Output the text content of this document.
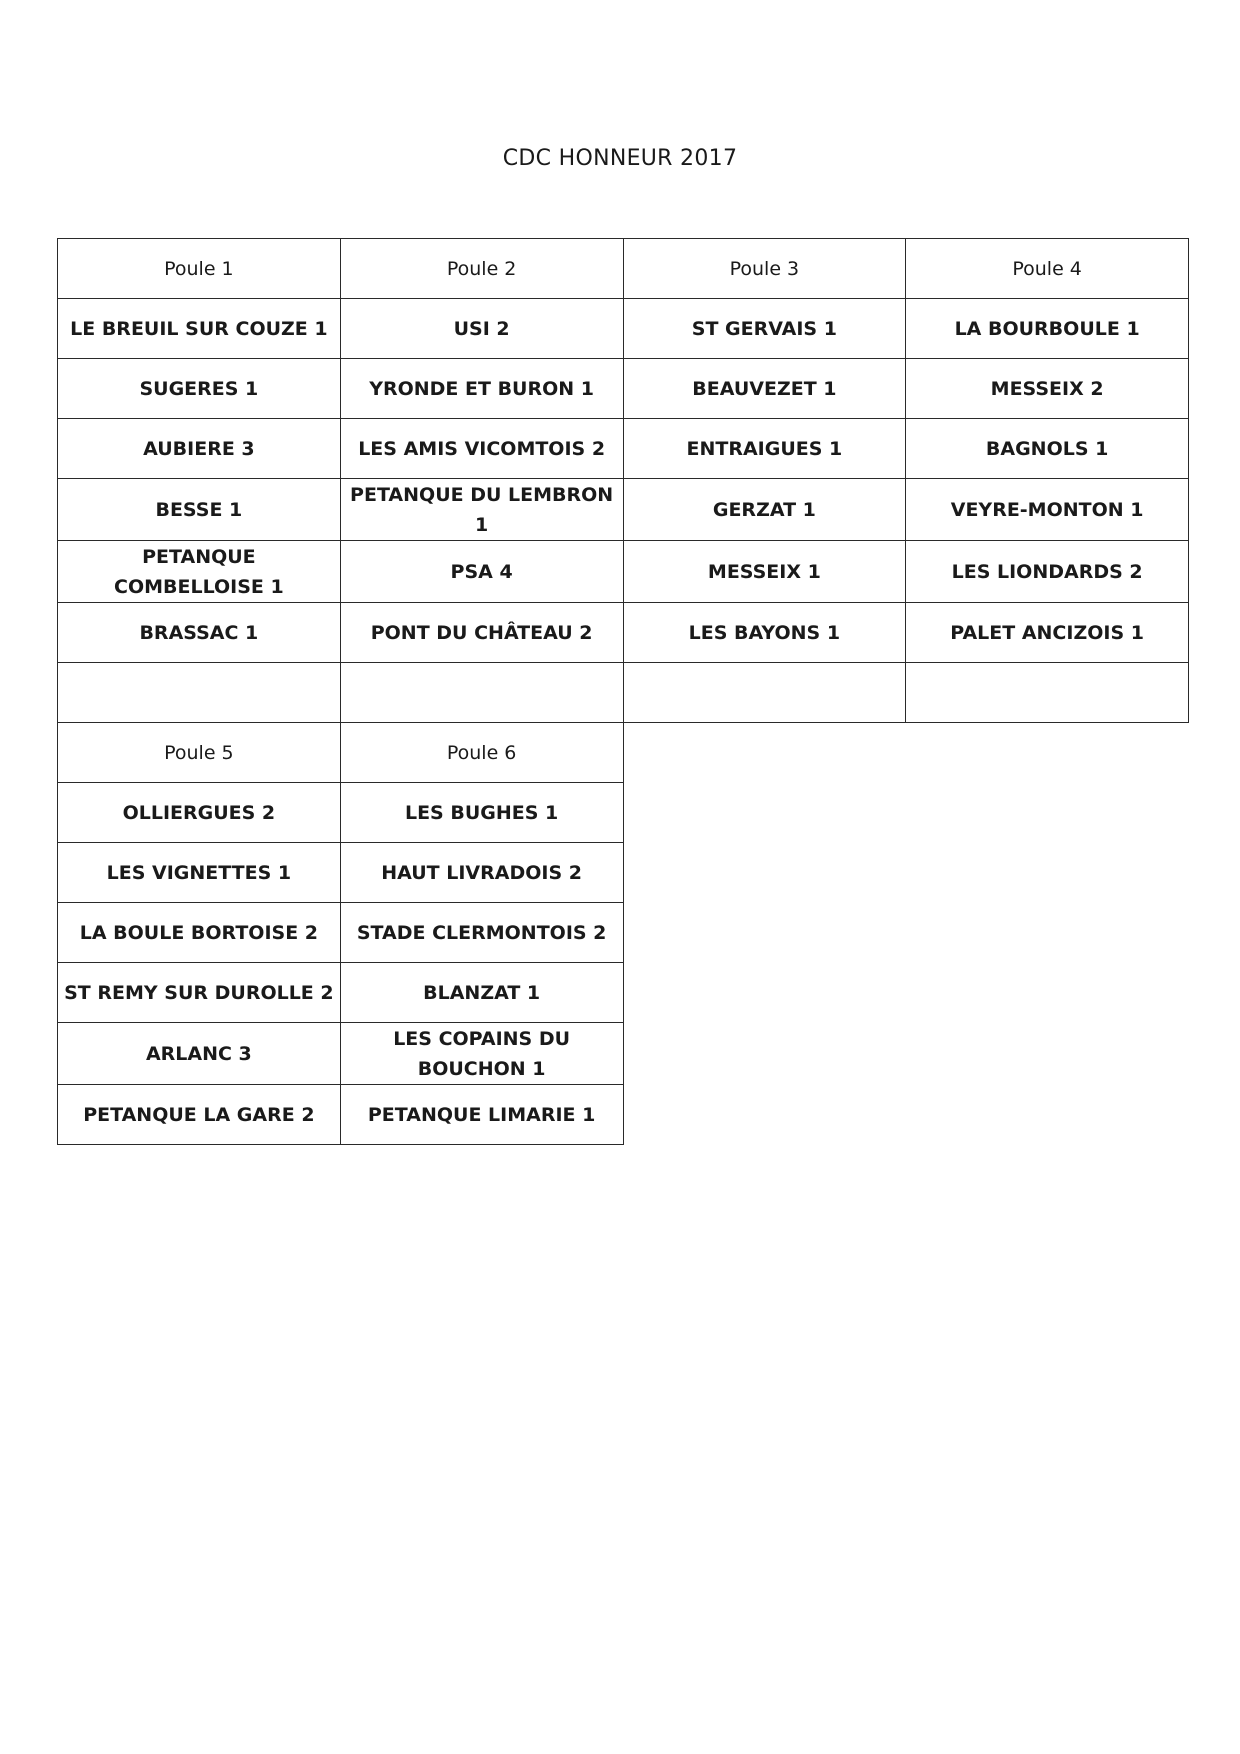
CDC HONNEUR 2017
Poule 1	Poule 2	Poule 3	Poule 4
LE BREUIL SUR COUZE 1	USI 2	ST GERVAIS 1	LA BOURBOULE 1
SUGERES 1	YRONDE ET BURON 1	BEAUVEZET 1	MESSEIX 2
AUBIERE 3	LES AMIS VICOMTOIS 2	ENTRAIGUES 1	BAGNOLS 1
BESSE 1	PETANQUE DU LEMBRON 1	GERZAT 1	VEYRE-MONTON 1
PETANQUE COMBELLOISE 1	PSA 4	MESSEIX 1	LES LIONDARDS 2
BRASSAC 1	PONT DU CHÂTEAU 2	LES BAYONS 1	PALET ANCIZOIS 1

Poule 5	Poule 6		
OLLIERGUES 2	LES BUGHES 1		
LES VIGNETTES 1	HAUT LIVRADOIS 2		
LA BOULE BORTOISE 2	STADE CLERMONTOIS 2		
ST REMY SUR DUROLLE 2	BLANZAT 1		
ARLANC 3	LES COPAINS DU BOUCHON 1		
PETANQUE LA GARE 2	PETANQUE LIMARIE 1		
